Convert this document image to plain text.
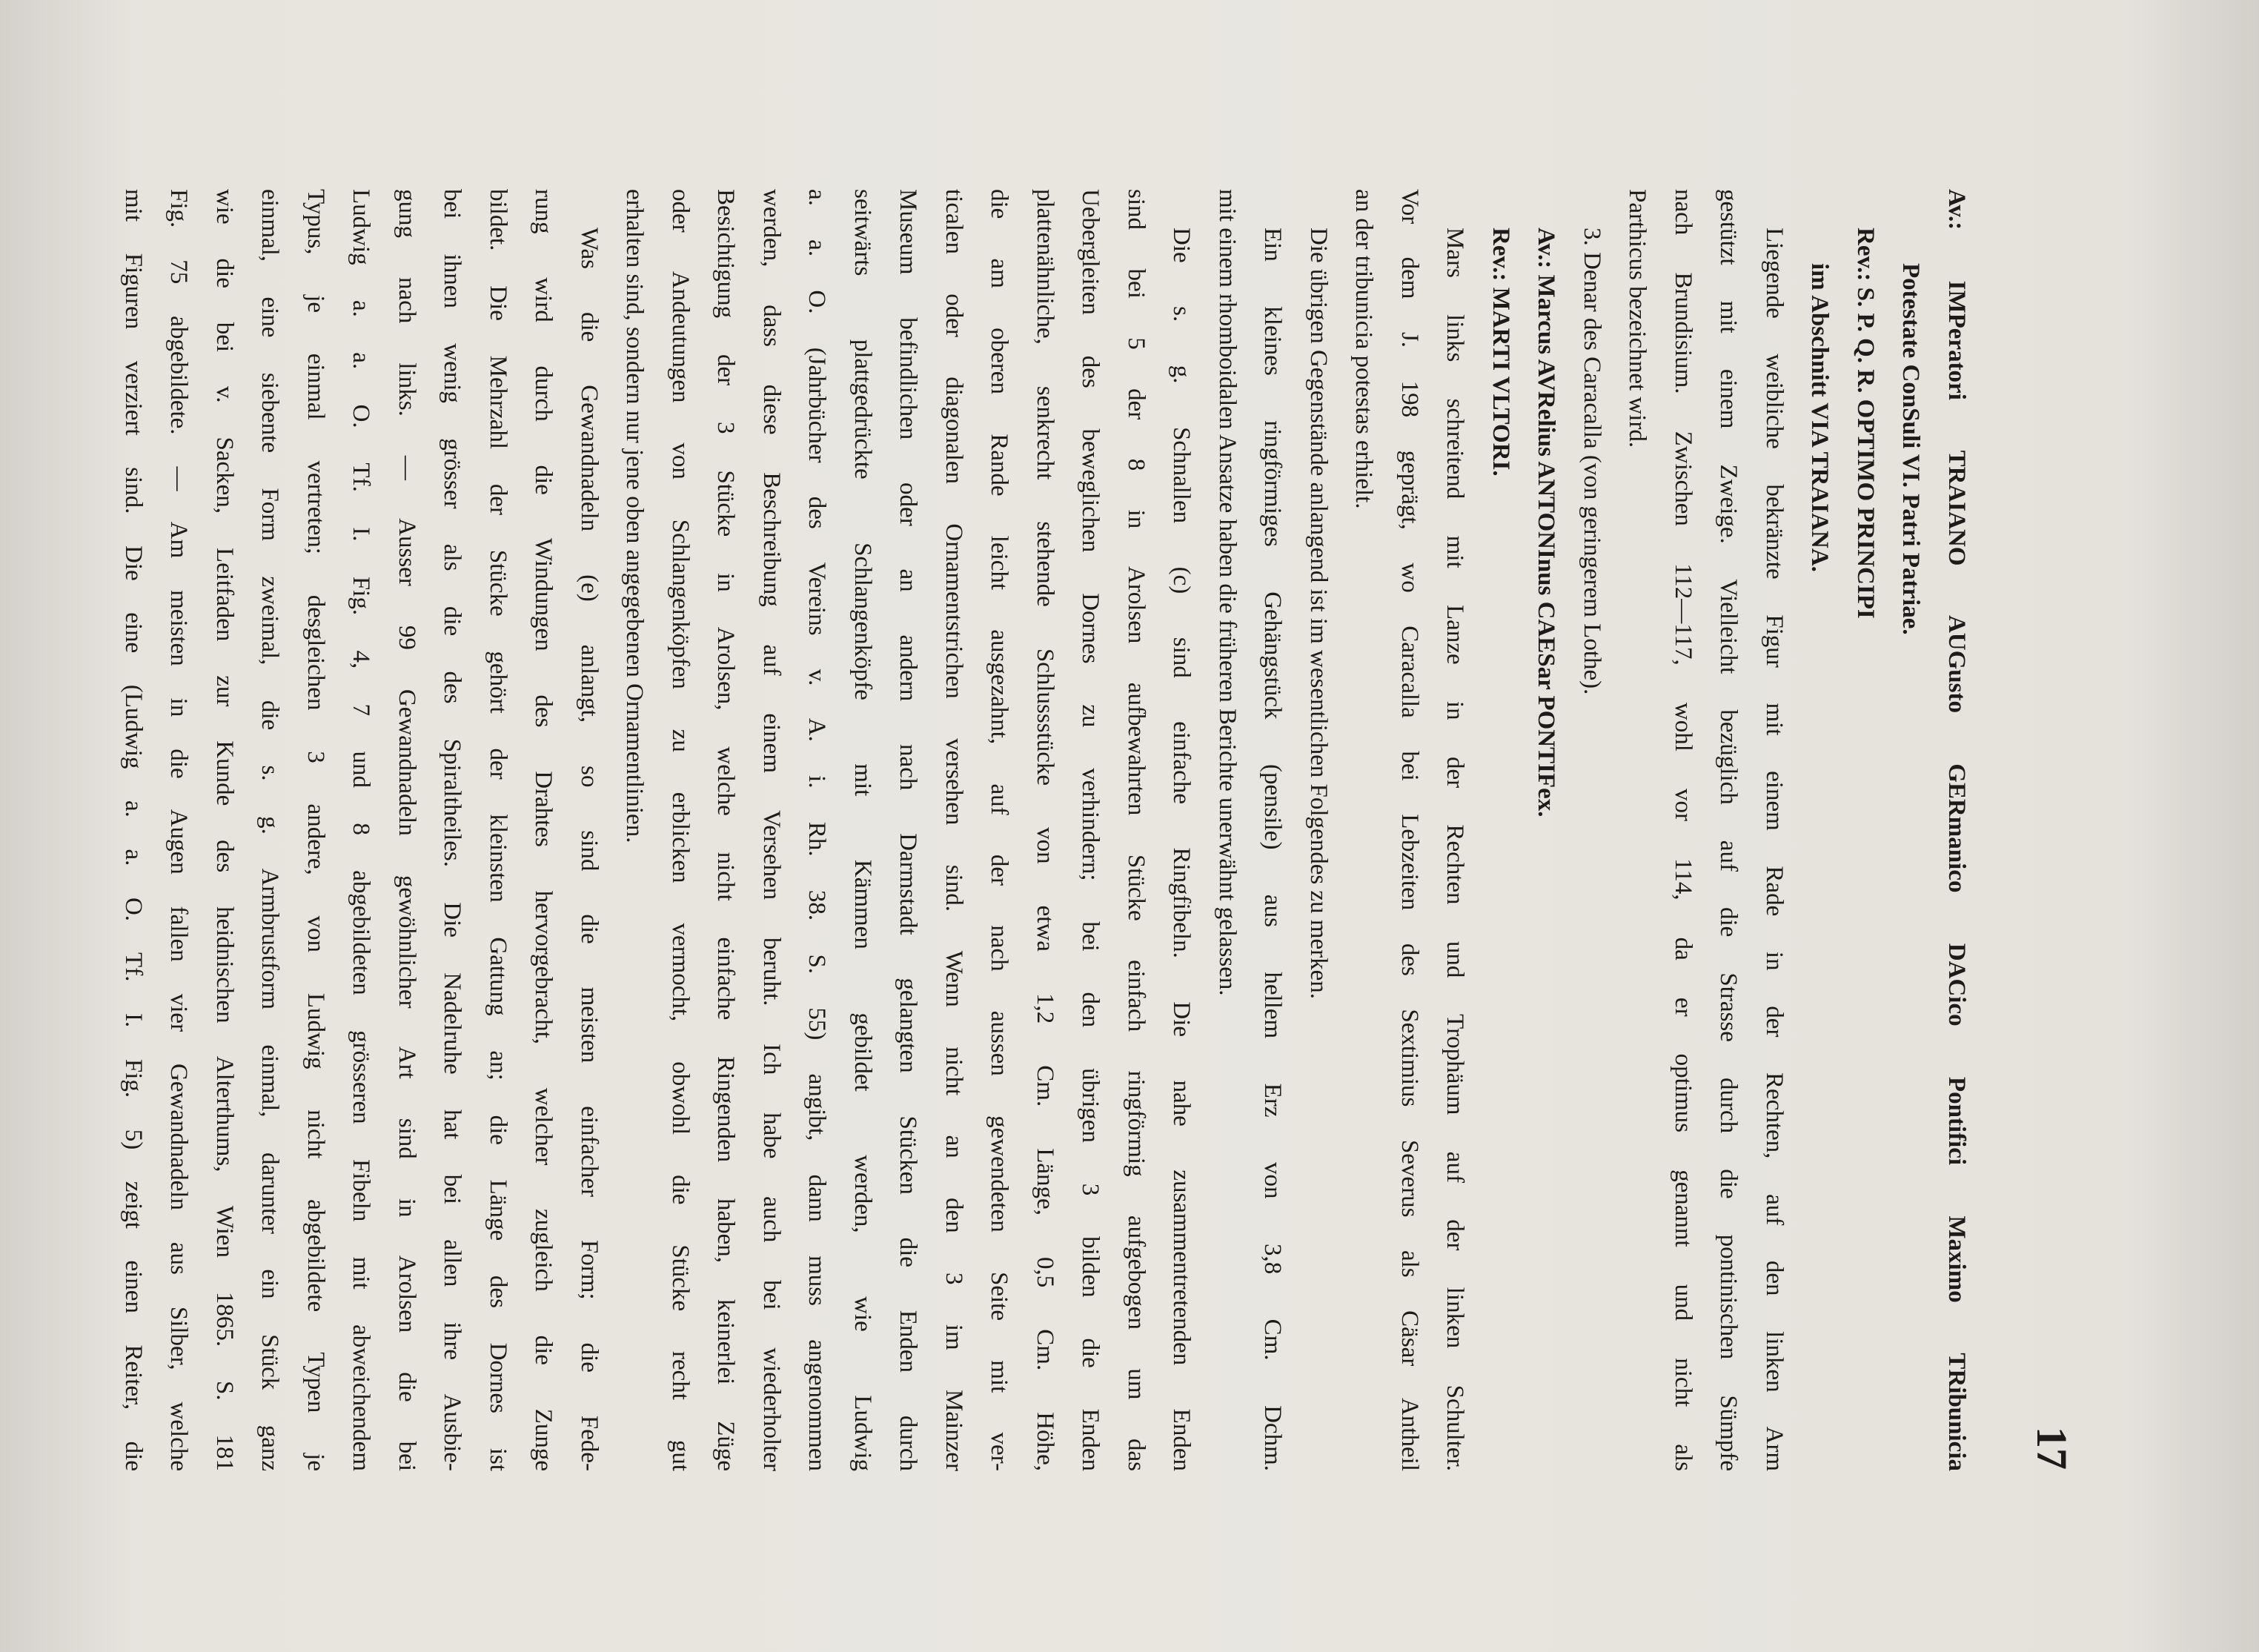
17
Av.: IMPeratori TRAIANO AUGusto GERmanico DACico Pontifici Maximo TRibunicia
Potestate ConSuli VI. Patri Patriae.
Rev.: S. P. Q. R. OPTIMO PRINCIPI
im Abschnitt VIA TRAIANA.
Liegende weibliche bekränzte Figur mit einem Rade in der Rechten, auf den linken Arm
gestützt mit einem Zweige. Vielleicht bezüglich auf die Strasse durch die pontinischen Sümpfe
nach Brundisium. Zwischen 112—117, wohl vor 114, da er optimus genannt und nicht als
Parthicus bezeichnet wird.
3. Denar des Caracalla (von geringerem Lothe).
Av.: Marcus AVRelius ANTONInus CAESar PONTIFex.
Rev.: MARTI VLTORI.
Mars links schreitend mit Lanze in der Rechten und Trophäum auf der linken Schulter.
Vor dem J. 198 geprägt, wo Caracalla bei Lebzeiten des Sextimius Severus als Cäsar Antheil
an der tribunicia potestas erhielt.
Die übrigen Gegenstände anlangend ist im wesentlichen Folgendes zu merken.
Ein kleines ringförmiges Gehängstück (pensile) aus hellem Erz von 3,8 Cm. Dchm.
mit einem rhomboidalen Ansatze haben die früheren Berichte unerwähnt gelassen.
Die s. g. Schnallen (c) sind einfache Ringfibeln. Die nahe zusammentretenden Enden
sind bei 5 der 8 in Arolsen aufbewahrten Stücke einfach ringförmig aufgebogen um das
Uebergleiten des beweglichen Dornes zu verhindern; bei den übrigen 3 bilden die Enden
plattenähnliche, senkrecht stehende Schlussstücke von etwa 1,2 Cm. Länge, 0,5 Cm. Höhe,
die am oberen Rande leicht ausgezahnt, auf der nach aussen gewendeten Seite mit ver-
ticalen oder diagonalen Ornamentstrichen versehen sind. Wenn nicht an den 3 im Mainzer
Museum befindlichen oder an andern nach Darmstadt gelangten Stücken die Enden durch
seitwärts plattgedrückte Schlangenköpfe mit Kämmen gebildet werden, wie Ludwig
a. a. O. (Jahrbücher des Vereins v. A. i. Rh. 38. S. 55) angibt, dann muss angenommen
werden, dass diese Beschreibung auf einem Versehen beruht. Ich habe auch bei wiederholter
Besichtigung der 3 Stücke in Arolsen, welche nicht einfache Ringenden haben, keinerlei Züge
oder Andeutungen von Schlangenköpfen zu erblicken vermocht, obwohl die Stücke recht gut
erhalten sind, sondern nur jene oben angegebenen Ornamentlinien.
Was die Gewandnadeln (e) anlangt, so sind die meisten einfacher Form; die Fede-
rung wird durch die Windungen des Drahtes hervorgebracht, welcher zugleich die Zunge
bildet. Die Mehrzahl der Stücke gehört der kleinsten Gattung an; die Länge des Dornes ist
bei ihnen wenig grösser als die des Spiraltheiles. Die Nadelruhe hat bei allen ihre Ausbie-
gung nach links. — Ausser 99 Gewandnadeln gewöhnlicher Art sind in Arolsen die bei
Ludwig a. a. O. Tf. I. Fig. 4, 7 und 8 abgebildeten grösseren Fibeln mit abweichendem
Typus, je einmal vertreten; desgleichen 3 andere, von Ludwig nicht abgebildete Typen je
einmal, eine siebente Form zweimal, die s. g. Armbrustform einmal, darunter ein Stück ganz
wie die bei v. Sacken, Leitfaden zur Kunde des heidnischen Alterthums, Wien 1865. S. 181
Fig. 75 abgebildete. — Am meisten in die Augen fallen vier Gewandnadeln aus Silber, welche
mit Figuren verziert sind. Die eine (Ludwig a. a. O. Tf. I. Fig. 5) zeigt einen Reiter, die
